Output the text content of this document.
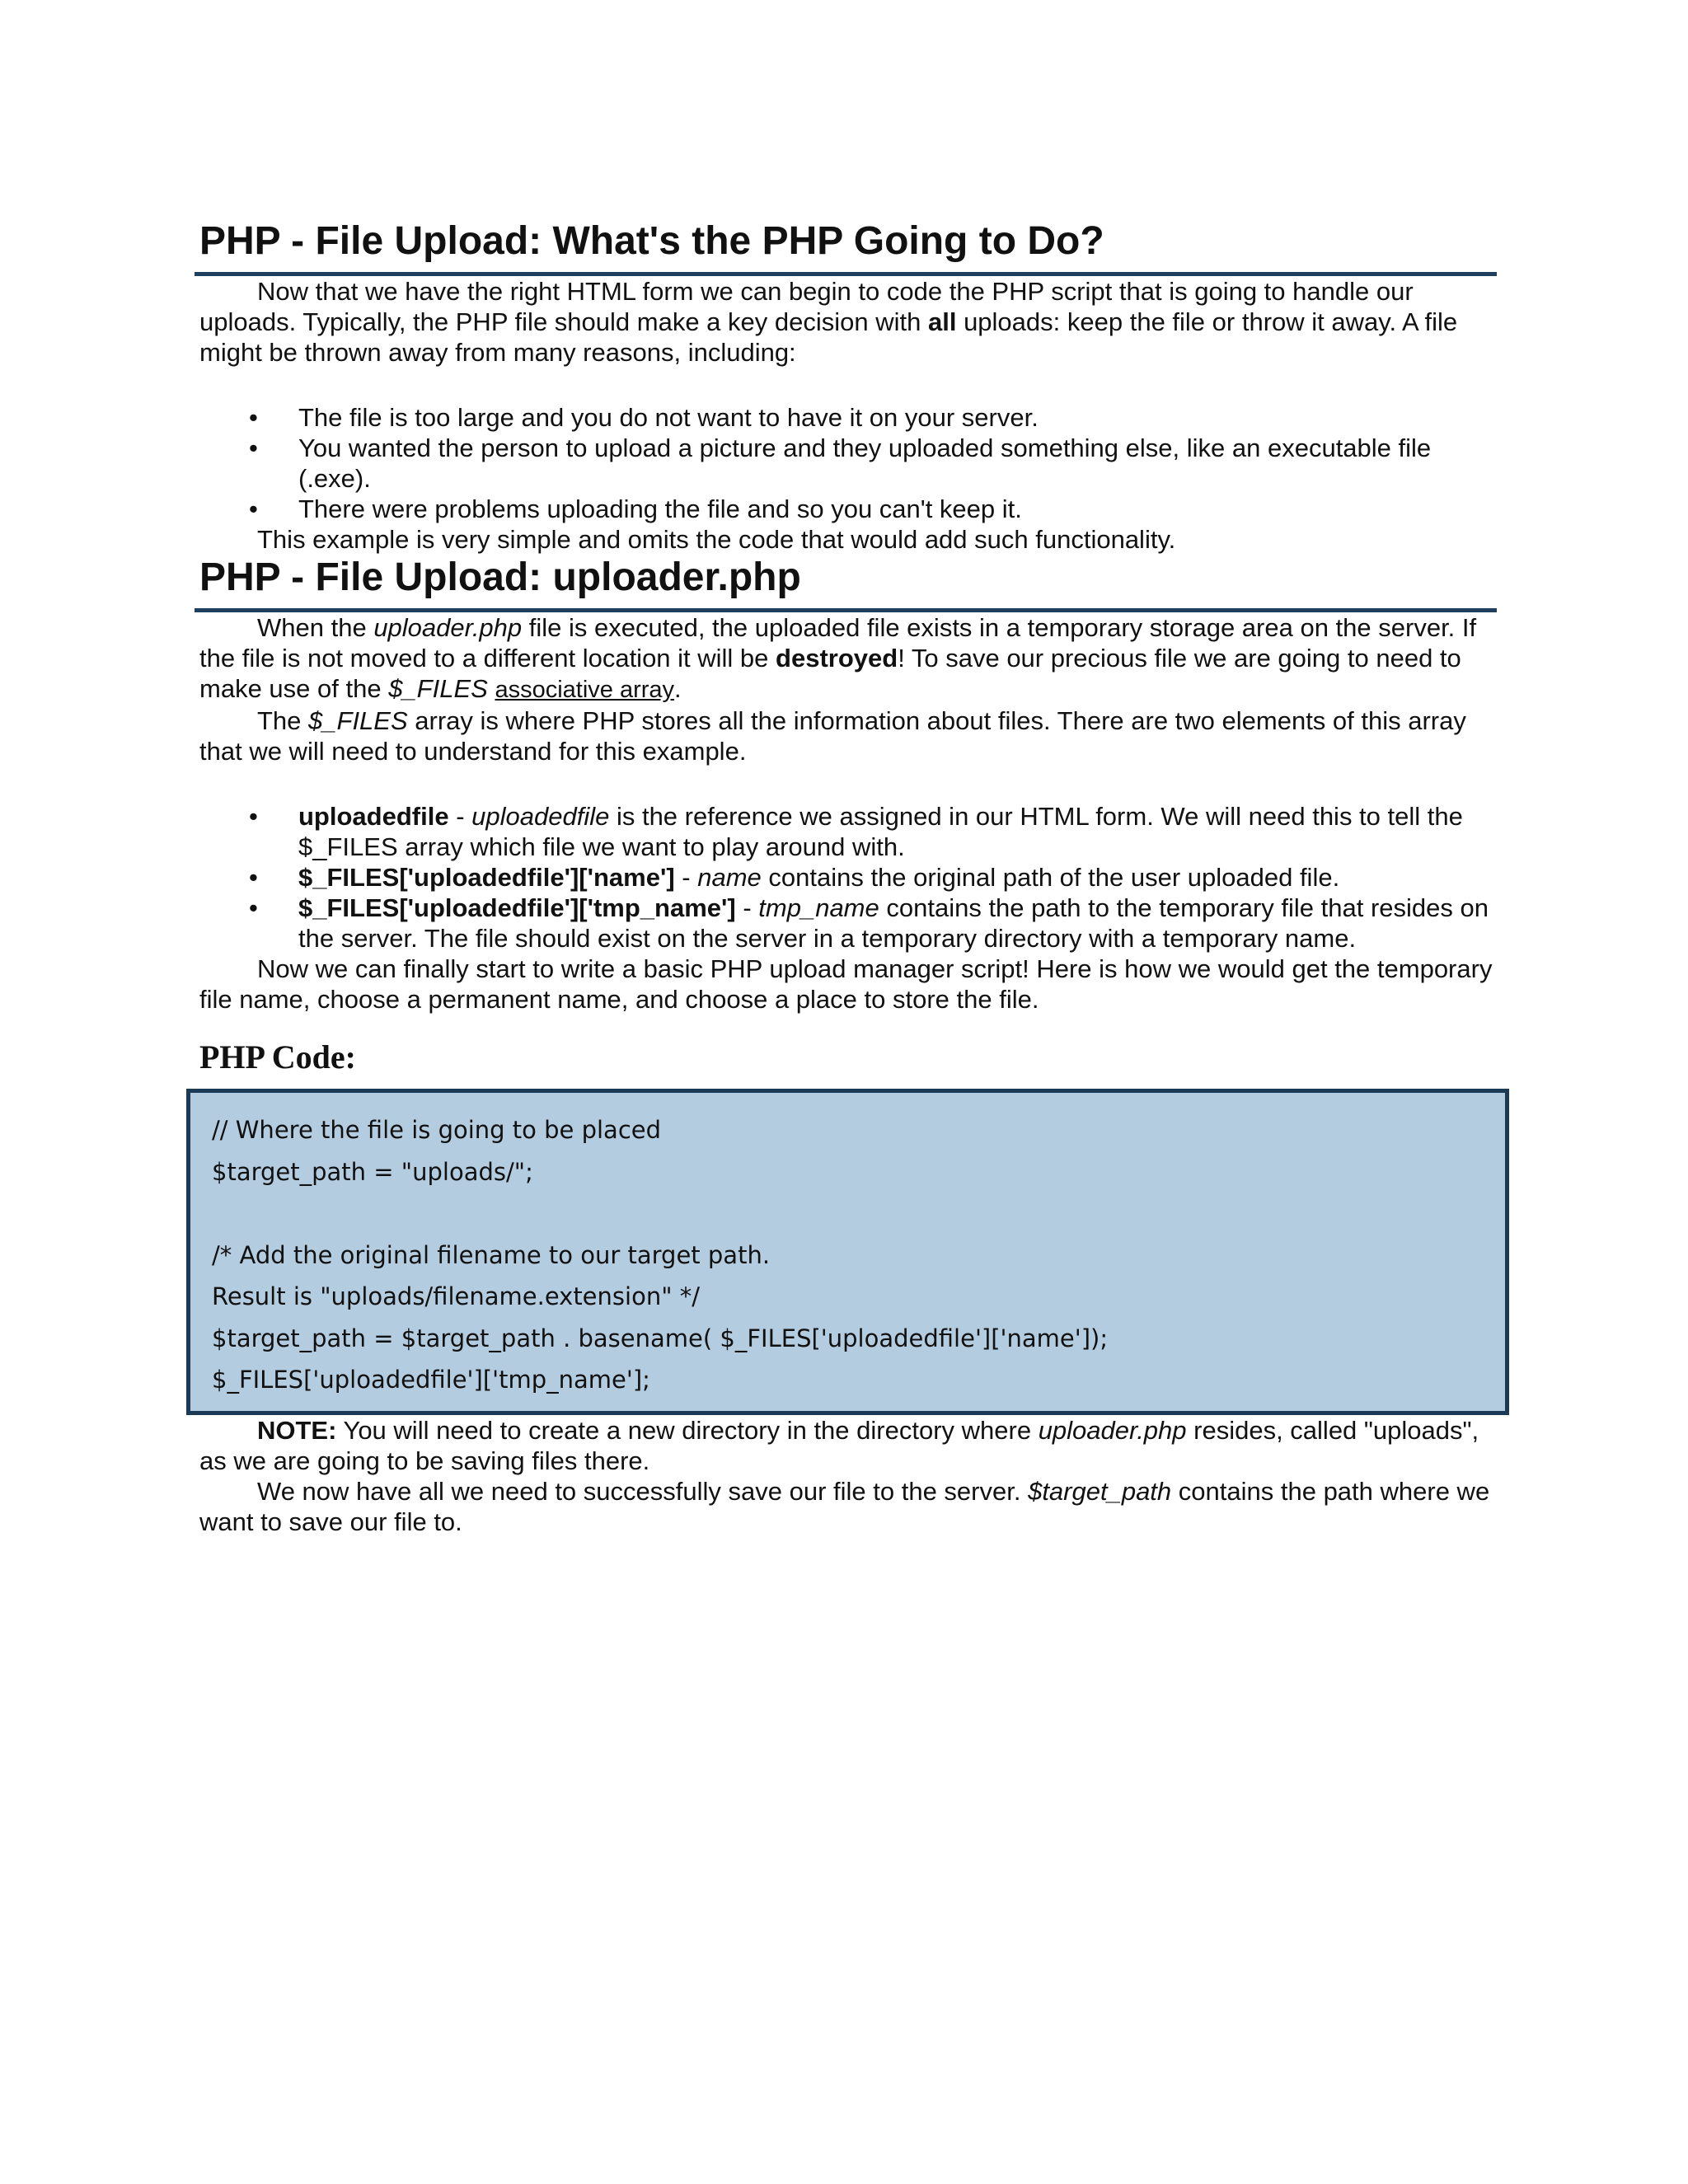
PHP - File Upload: What's the PHP Going to Do?

Now that we have the right HTML form we can begin to code the PHP script that is going to handle our uploads. Typically, the PHP file should make a key decision with all uploads: keep the file or throw it away. A file might be thrown away from many reasons, including:

• The file is too large and you do not want to have it on your server.
• You wanted the person to upload a picture and they uploaded something else, like an executable file (.exe).
• There were problems uploading the file and so you can't keep it.

This example is very simple and omits the code that would add such functionality.

PHP - File Upload: uploader.php

When the uploader.php file is executed, the uploaded file exists in a temporary storage area on the server. If the file is not moved to a different location it will be destroyed! To save our precious file we are going to need to make use of the $_FILES associative array.

The $_FILES array is where PHP stores all the information about files. There are two elements of this array that we will need to understand for this example.

• uploadedfile - uploadedfile is the reference we assigned in our HTML form. We will need this to tell the $_FILES array which file we want to play around with.
• $_FILES['uploadedfile']['name'] - name contains the original path of the user uploaded file.
• $_FILES['uploadedfile']['tmp_name'] - tmp_name contains the path to the temporary file that resides on the server. The file should exist on the server in a temporary directory with a temporary name.

Now we can finally start to write a basic PHP upload manager script! Here is how we would get the temporary file name, choose a permanent name, and choose a place to store the file.

PHP Code:
// Where the file is going to be placed
$target_path = "uploads/";

/* Add the original filename to our target path.
Result is "uploads/filename.extension" */
$target_path = $target_path . basename( $_FILES['uploadedfile']['name']);
$_FILES['uploadedfile']['tmp_name'];

NOTE: You will need to create a new directory in the directory where uploader.php resides, called "uploads", as we are going to be saving files there.

We now have all we need to successfully save our file to the server. $target_path contains the path where we want to save our file to.
